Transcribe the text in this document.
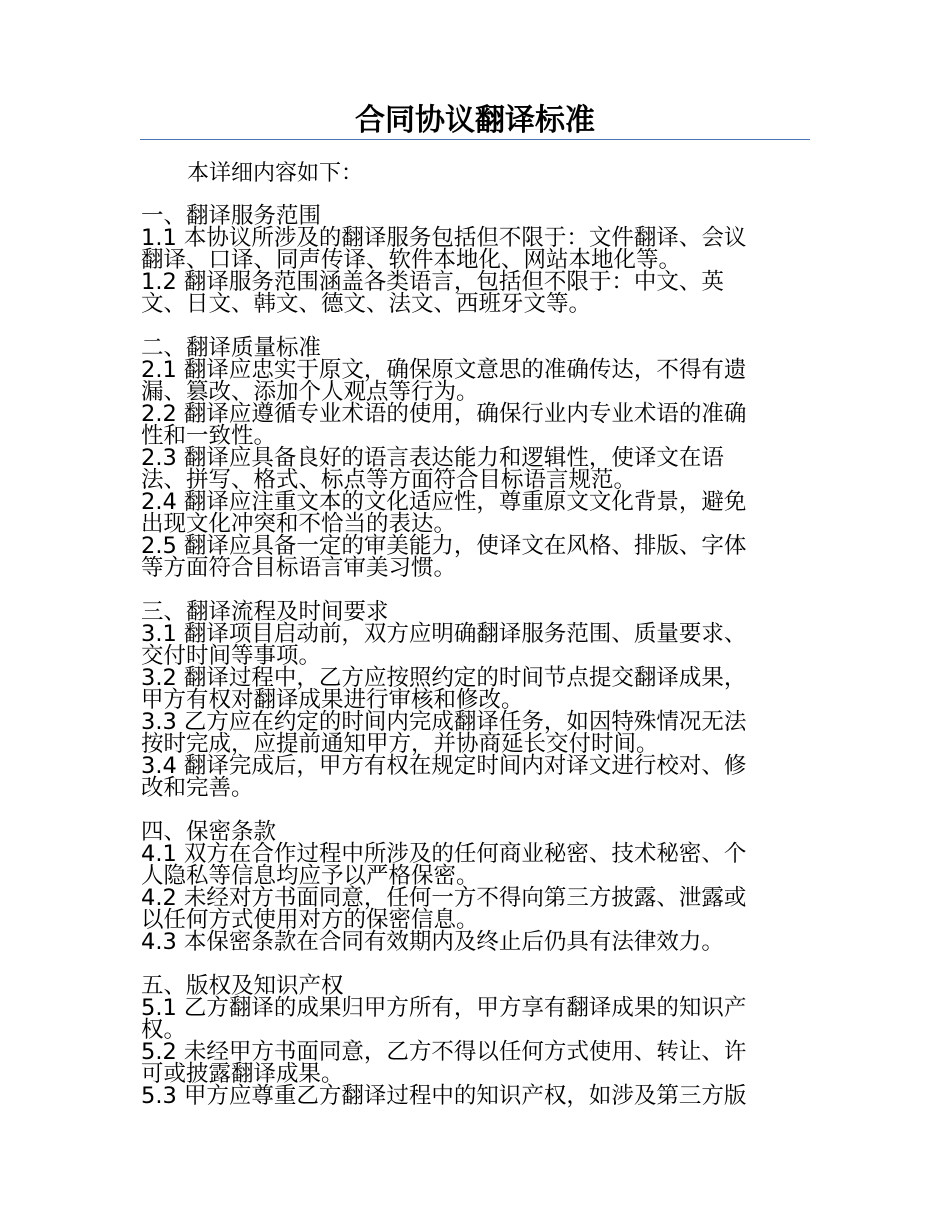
合同协议翻译标准
本详细内容如下：
一、翻译服务范围
1.1 本协议所涉及的翻译服务包括但不限于：文件翻译、会议
翻译、口译、同声传译、软件本地化、网站本地化等。
1.2 翻译服务范围涵盖各类语言，包括但不限于：中文、英
文、日文、韩文、德文、法文、西班牙文等。
二、翻译质量标准
2.1 翻译应忠实于原文，确保原文意思的准确传达，不得有遗
漏、篡改、添加个人观点等行为。
2.2 翻译应遵循专业术语的使用，确保行业内专业术语的准确
性和一致性。
2.3 翻译应具备良好的语言表达能力和逻辑性，使译文在语
法、拼写、格式、标点等方面符合目标语言规范。
2.4 翻译应注重文本的文化适应性，尊重原文文化背景，避免
出现文化冲突和不恰当的表达。
2.5 翻译应具备一定的审美能力，使译文在风格、排版、字体
等方面符合目标语言审美习惯。
三、翻译流程及时间要求
3.1 翻译项目启动前，双方应明确翻译服务范围、质量要求、
交付时间等事项。
3.2 翻译过程中，乙方应按照约定的时间节点提交翻译成果，
甲方有权对翻译成果进行审核和修改。
3.3 乙方应在约定的时间内完成翻译任务，如因特殊情况无法
按时完成，应提前通知甲方，并协商延长交付时间。
3.4 翻译完成后，甲方有权在规定时间内对译文进行校对、修
改和完善。
四、保密条款
4.1 双方在合作过程中所涉及的任何商业秘密、技术秘密、个
人隐私等信息均应予以严格保密。
4.2 未经对方书面同意，任何一方不得向第三方披露、泄露或
以任何方式使用对方的保密信息。
4.3 本保密条款在合同有效期内及终止后仍具有法律效力。
五、版权及知识产权
5.1 乙方翻译的成果归甲方所有，甲方享有翻译成果的知识产
权。
5.2 未经甲方书面同意，乙方不得以任何方式使用、转让、许
可或披露翻译成果。
5.3 甲方应尊重乙方翻译过程中的知识产权，如涉及第三方版
